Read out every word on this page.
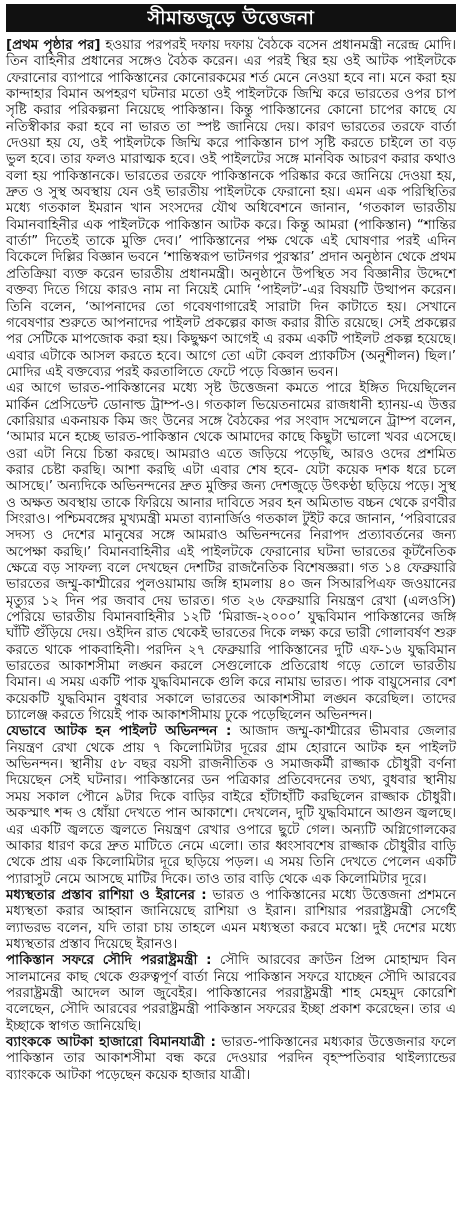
সীমান্তজুড়ে উত্তেজনা

[প্রথম পৃষ্ঠার পর] হওয়ার পরপরই দফায় দফায় বৈঠকে বসেন প্রধানমন্ত্রী নরেন্দ্র মোদি। তিন বাহিনীর প্রধানের সঙ্গেও বৈঠক করেন। এর পরই স্থির হয় ওই আটক পাইলটকে ফেরানোর ব্যাপারে পাকিস্তানের কোনোরকমের শর্ত মেনে নেওয়া হবে না। মনে করা হয় কান্দাহার বিমান অপহরণ ঘটনার মতো ওই পাইলটকে জিম্মি করে ভারতের ওপর চাপ সৃষ্টি করার পরিকল্পনা নিয়েছে পাকিস্তান। কিন্তু পাকিস্তানের কোনো চাপের কাছে যে নতিস্বীকার করা হবে না ভারত তা স্পষ্ট জানিয়ে দেয়। কারণ ভারতের তরফে বার্তা দেওয়া হয় যে, ওই পাইলটকে জিম্মি করে পাকিস্তান চাপ সৃষ্টি করতে চাইলে তা বড় ভুল হবে। তার ফলও মারাত্মক হবে। ওই পাইলটের সঙ্গে মানবিক আচরণ করার কথাও বলা হয় পাকিস্তানকে। ভারতের তরফে পাকিস্তানকে পরিষ্কার করে জানিয়ে দেওয়া হয়, দ্রুত ও সুস্থ অবস্থায় যেন ওই ভারতীয় পাইলটকে ফেরানো হয়। এমন এক পরিস্থিতির মধ্যে গতকাল ইমরান খান সংসদের যৌথ অধিবেশনে জানান, ‘গতকাল ভারতীয় বিমানবাহিনীর এক পাইলটকে পাকিস্তান আটক করে। কিন্তু আমরা (পাকিস্তান) “শান্তির বার্তা” দিতেই তাকে মুক্তি দেব।’ পাকিস্তানের পক্ষ থেকে এই ঘোষণার পরই এদিন বিকেলে দিল্লির বিজ্ঞান ভবনে ‘শান্তিস্বরূপ ভাটনগর পুরস্কার’ প্রদান অনুষ্ঠান থেকে প্রথম প্রতিক্রিয়া ব্যক্ত করেন ভারতীয় প্রধানমন্ত্রী। অনুষ্ঠানে উপস্থিত সব বিজ্ঞানীর উদ্দেশে বক্তব্য দিতে গিয়ে কারও নাম না নিয়েই মোদি ‘পাইলট’-এর বিষয়টি উত্থাপন করেন। তিনি বলেন, ‘আপনাদের তো গবেষণাগারেই সারাটা দিন কাটাতে হয়। সেখানে গবেষণার শুরুতে আপনাদের পাইলট প্রকল্পের কাজ করার রীতি রয়েছে। সেই প্রকল্পের পর সেটিকে মাপজোক করা হয়। কিছুক্ষণ আগেই এ রকম একটি পাইলট প্রকল্প হয়েছে। এবার এটাকে আসল করতে হবে। আগে তো এটা কেবল প্র্যাকটিস (অনুশীলন) ছিল।’ মোদির এই বক্তব্যের পরই করতালিতে ফেটে পড়ে বিজ্ঞান ভবন।

এর আগে ভারত-পাকিস্তানের মধ্যে সৃষ্ট উত্তেজনা কমতে পারে ইঙ্গিত দিয়েছিলেন মার্কিন প্রেসিডেন্ট ডোনাল্ড ট্রাম্প-ও। গতকাল ভিয়েতনামের রাজধানী হ্যানয়-এ উত্তর কোরিয়ার একনায়ক কিম জং উনের সঙ্গে বৈঠকের পর সংবাদ সম্মেলনে ট্রাম্প বলেন, ‘আমার মনে হচ্ছে ভারত-পাকিস্তান থেকে আমাদের কাছে কিছুটা ভালো খবর এসেছে। ওরা এটা নিয়ে চিন্তা করছে। আমরাও এতে জড়িয়ে পড়েছি, আরও ওদের প্রশমিত করার চেষ্টা করছি। আশা করছি এটা এবার শেষ হবে- যেটা কয়েক দশক ধরে চলে আসছে।’ অন্যদিকে অভিনন্দনের দ্রুত মুক্তির জন্য দেশজুড়ে উৎকণ্ঠা ছড়িয়ে পড়ে। সুস্থ ও অক্ষত অবস্থায় তাকে ফিরিয়ে আনার দাবিতে সরব হন অমিতাভ বচ্চন থেকে রণবীর সিংরাও। পশ্চিমবঙ্গের মুখ্যমন্ত্রী মমতা ব্যানার্জিও গতকাল টুইট করে জানান, ‘পরিবারের সদস্য ও দেশের মানুষের সঙ্গে আমরাও অভিনন্দনের নিরাপদ প্রত্যাবর্তনের জন্য অপেক্ষা করছি।’ বিমানবাহিনীর এই পাইলটকে ফেরানোর ঘটনা ভারতের কূটনৈতিক ক্ষেত্রে বড় সাফল্য বলে দেখছেন দেশটির রাজনৈতিক বিশেষজ্ঞরা। গত ১৪ ফেব্রুয়ারি ভারতের জম্মু-কাশ্মীরের পুলওয়ামায় জঙ্গি হামলায় ৪০ জন সিআরপিএফ জওয়ানের মৃত্যুর ১২ দিন পর জবাব দেয় ভারত। গত ২৬ ফেব্রুয়ারি নিয়ন্ত্রণ রেখা (এলওসি) পেরিয়ে ভারতীয় বিমানবাহিনীর ১২টি ‘মিরাজ-২০০০’ যুদ্ধবিমান পাকিস্তানের জঙ্গি ঘাঁটি গুঁড়িয়ে দেয়। ওইদিন রাত থেকেই ভারতের দিকে লক্ষ্য করে ভারী গোলাবর্ষণ শুরু করতে থাকে পাকবাহিনী। পরদিন ২৭ ফেব্রুয়ারি পাকিস্তানের দুটি এফ-১৬ যুদ্ধবিমান ভারতের আকাশসীমা লঙ্ঘন করলে সেগুলোকে প্রতিরোধ গড়ে তোলে ভারতীয় বিমান। এ সময় একটি পাক যুদ্ধবিমানকে গুলি করে নামায় ভারত। পাক বায়ুসেনার বেশ কয়েকটি যুদ্ধবিমান বুধবার সকালে ভারতের আকাশসীমা লঙ্ঘন করেছিল। তাদের চ্যালেঞ্জ করতে গিয়েই পাক আকাশসীমায় ঢুকে পড়েছিলেন অভিনন্দন।

যেভাবে আটক হন পাইলট অভিনন্দন : আজাদ জম্মু-কাশ্মীরের ভীমবার জেলার নিয়ন্ত্রণ রেখা থেকে প্রায় ৭ কিলোমিটার দূরের গ্রাম হোরানে আটক হন পাইলট অভিনন্দন। স্থানীয় ৫৮ বছর বয়সী রাজনীতিক ও সমাজকর্মী রাজ্জাক চৌধুরী বর্ণনা দিয়েছেন সেই ঘটনার। পাকিস্তানের ডন পত্রিকার প্রতিবেদনের তথ্য, বুধবার স্থানীয় সময় সকাল পৌনে ৯টার দিকে বাড়ির বাইরে হাঁটাহাঁটি করছিলেন রাজ্জাক চৌধুরী। অকস্মাৎ শব্দ ও ধোঁয়া দেখতে পান আকাশে। দেখলেন, দুটি যুদ্ধবিমানে আগুন জ্বলছে। এর একটি জ্বলতে জ্বলতে নিয়ন্ত্রণ রেখার ওপারে ছুটে গেল। অন্যটি অগ্নিগোলকের আকার ধারণ করে দ্রুত মাটিতে নেমে এলো। তার ধ্বংসাবশেষ রাজ্জাক চৌধুরীর বাড়ি থেকে প্রায় এক কিলোমিটার দূরে ছড়িয়ে পড়ল। এ সময় তিনি দেখতে পেলেন একটি প্যারাসুট নেমে আসছে মাটির দিকে। তাও তার বাড়ি থেকে এক কিলোমিটার দূরে।

মধ্যস্থতার প্রস্তাব রাশিয়া ও ইরানের : ভারত ও পাকিস্তানের মধ্যে উত্তেজনা প্রশমনে মধ্যস্থতা করার আহ্বান জানিয়েছে রাশিয়া ও ইরান। রাশিয়ার পররাষ্ট্রমন্ত্রী সের্গেই ল্যাভরভ বলেন, যদি তারা চায় তাহলে এমন মধ্যস্থতা করবে মস্কো। দুই দেশের মধ্যে মধ্যস্থতার প্রস্তাব দিয়েছে ইরানও।

পাকিস্তান সফরে সৌদি পররাষ্ট্রমন্ত্রী : সৌদি আরবের ক্রাউন প্রিন্স মোহাম্মদ বিন সালমানের কাছ থেকে গুরুত্বপূর্ণ বার্তা নিয়ে পাকিস্তান সফরে যাচ্ছেন সৌদি আরবের পররাষ্ট্রমন্ত্রী আদেল আল জুবেইর। পাকিস্তানের পররাষ্ট্রমন্ত্রী শাহ মেহমুদ কোরেশি বলেছেন, সৌদি আরবের পররাষ্ট্রমন্ত্রী পাকিস্তান সফরের ইচ্ছা প্রকাশ করেছেন। তার এ ইচ্ছাকে স্বাগত জানিয়েছি।

ব্যাংককে আটকা হাজারো বিমানযাত্রী : ভারত-পাকিস্তানের মধ্যকার উত্তেজনার ফলে পাকিস্তান তার আকাশসীমা বন্ধ করে দেওয়ার পরদিন বৃহস্পতিবার থাইল্যান্ডের ব্যাংককে আটকা পড়েছেন কয়েক হাজার যাত্রী।
